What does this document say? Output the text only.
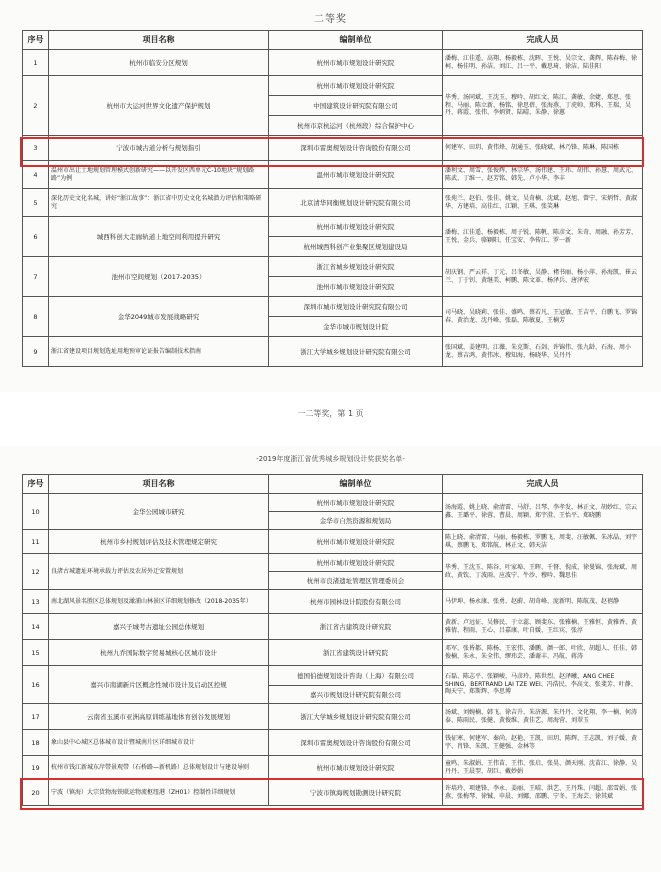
二等奖
序号	项目名称	编制单位	完成人员
1	杭州市临安分区规划	杭州市城市规划设计研究院	潘梅、江佳遥、高翔、杨毅栋、沈晖、王悦、吴宗文、龚辉、陈春梅、徐柯、杨佳明、孙洁、刘江、吕一平、戴思琦、徐洁、陆佳阳
2	杭州市大运河世界文化遗产保护规划	杭州市城市规划设计研究院	毕秀、汤同斌、王沈玉、穆吟、胡红文、陈江、龚敏、余婕、郑思、张程、马丽、陈立新、杨铭、徐思蓓、张海燕、丁虎帅、郑科、王瑞、吴丹、蒋霞、张伟、李炳贤、陆晴、朱静、徐蕙
		中国建筑设计研究院有限公司	
		杭州市京杭运河（杭州段）综合保护中心	
3	宁波市城古道分析与规划指引	深圳市雷奥规划设计咨询股份有限公司	何建军、田玥、黄伟烽、胡通玉、张晓斌、林乃锋、陈琳、陈国栋
4	温州市出让土地规划管理模式创新研究——以开发区西单元C-10地块“规划路路”为例	温州市城市规划设计研究院	潘利文、周雪、张俊辉、林宗华、汤伟建、王玮、胡伟、孙慧、周武元、陈武、丁维一、赵芳铭、韩先、卢小华、李丰
5	深化历史文化名城，讲好“浙江故事”：浙江省中历史文化名城潜力评估和策略研究	北京清华同衡规划设计研究院有限公司	张苑兰、赵伯、张佳、姚文、吴奇楠、沈斌、赵旭、曾宁、宋炳哲、黄淑华、方建培、高佳红、江颖、王琪、张笑琳
6	城西科创大走廊轨道上地空间利用提升研究	杭州市城市规划设计研究院	潘梅、江佳遥、杨毅栋、周子锐、陈帆、陈彦文、朱奇、周融、孙芳芳、王悦、金兵、骆颖阳、任宝安、李传江、罗一新
		杭州城西科创产业集聚区规划建设局	
7	池州市空间规划（2017-2035）	浙江省城乡规划设计研究院	胡庆钢、严云祥、丁元、吕冬敏、吴静、褚书丽、杨小萍、孙海凯、崔云兰、丁于钊、黄继美、柯鹏、陈文革、杨泽兵、唐泽宏
		池州市城市规划设计研究院	
8	金华2049城市发展战略研究	深圳市城市规划设计研究院有限公司	司马晓、吴晓莉、张佳、盛鸣、蔡若凡、王冠敏、王吉平、白鹏飞、罗锦春、黄治龙、沈丹峰、张磊、陈敏夏、王楠芳
		金华市城市规划设计院	
9	浙江省建设项目规划选址用地预审论证报告编制技术指南	浙江大学城乡规划设计研究院有限公司	张国斌、姜建明、江薇、朱克斯、石剑、许锦伟、张九龄、石海、周小龙、蔡吉鸿、黄伟冰、穆知海、杨晓华、吴丹丹
一二等奖，第 1 页
-2019年度浙江省优秀城乡规划设计奖获奖名单-
序号	项目名称	编制单位	完成人员
10	金华公园城市研究	杭州市城市规划设计研究院	汤海霞、姚上晓、俞清雷、马舒、吕琴、李孝发、林正文、胡妙红、宗云鑫、王璐平、徐蓉、曹晨、周颖、郑宇澄、王怡平、郑晓鹏
		金华市自然资源和规划局	
11	杭州市乡村规划评估及技术管理规定研究	杭州市城市规划设计研究院	陈上晓、俞清雷、马丽、杨毅栋、罗鹏飞、周斐、汪敏佩、朱冰晶、刘宇琪、蔡鹏飞、郑铭航、林正文、韩天洁
12	良渚古城遗址环境承载力评估及农居外迁安置规划	杭州市城市规划设计研究院	毕秀、王沈玉、陈谷、叶家埠、王晖、千督、倪成、徐曼锦、张海斌、周政、黄钦、丁波雨、应波宁、牛沙、穆吟、魏思佳
		杭州市良渚遗址管理区管理委员会	
13	南北湖风景名胜区总体规划及澉浦山林景区详细规划修改（2018-2035年）	杭州市园林设计院股份有限公司	马伊坤、杨永康、张勇、赵蔚、胡奇峰、庞新明、陈航茂、赵禧静
14	嘉兴子城考古遗址公园总体规划	浙江省古建筑设计研究院	黄新、卢远征、吴修民、于立蕊、顾斐东、张雅楠、王雅恒、黄雅香、黄雅倩、程雨、王心、吕嘉康、叶自媛、王红宾、张淳
15	杭州九乔国际数字贸易城核心区城市设计	浙江省建筑设计研究院	邓军、张皆都、陈杨、王宏伟、潘鹏、颜一郎、叶欣、胡超人、任佳、韩俊楠、朱永、朱全伟、缪玮芸、潘谢丰、冯航、蒋涛
16	嘉兴市南湖新片区概念性城市设计及启动区控规	德国伯德规划设计咨询（上海）有限公司	石磊、陈志平、张颖峻、马彦玲、陈世烈、赵泽曦、ANG CHEE SHING、BERTRAND LAI TZE WEI、冯浩民、李高文、张斐芳、叶静、陶天宁、郑斯辉、李思博
		嘉兴市规划设计研究院有限公司	
17	云南省玉溪市亚洲高原训练基地体育创谷发展规划	浙江大学城乡规划设计研究院有限公司	汤斌、刘婉楠、韩飞、徐吉升、朱济源、朱丹丹、文化翔、李一楠、何涛泰、陈雨民、张健、黄俊维、黄佳艺、周海营、刘翠玉
18	象山县中心城区总体城市设计暨城南片区详细城市设计	深圳市雷奥规划设计咨询股份有限公司	钱征寒、何建军、秦尚、赵艳、王凯、田玥、陈辉、王志凯、刘子媛、黄宇、肖锋、朱凯、王健强、金林等
19	杭州市钱江新城东岸带景观带（石桥路—新机路）总体规划设计与建设导则	杭州市城市规划设计研究院	童鸣、朱淑娟、王伟苗、王伟、张启、张昊、颜天刚、沈苗江、徐静、吴丹丹、王晨翌、胡巨、戴妙娟
20	宁波（镇海）大宗货物海铁联运物流枢纽港（ZH01）控制性详细规划	宁波市镇海规划勘测设计研究院	许培玲、项建锋、李永、姜丽、王晴、洪艺、王丹珠、闫超、邵雪娟、张燕、张梅琴、徐铖、申晨、刘娜、邵鹏、宁冬、王海芸、徐其斌
